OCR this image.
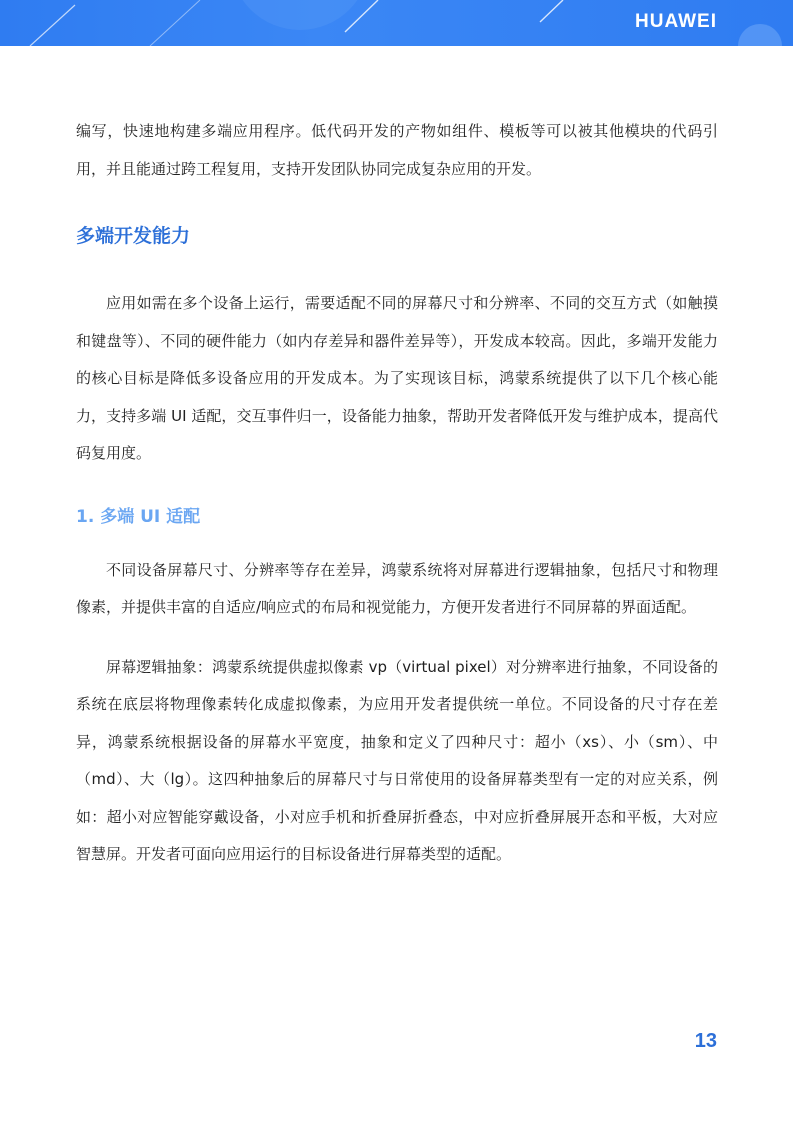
HUAWEI

编写，快速地构建多端应用程序。低代码开发的产物如组件、模板等可以被其他模块的代码引用，并且能通过跨工程复用，支持开发团队协同完成复杂应用的开发。

多端开发能力

应用如需在多个设备上运行，需要适配不同的屏幕尺寸和分辨率、不同的交互方式（如触摸和键盘等）、不同的硬件能力（如内存差异和器件差异等），开发成本较高。因此，多端开发能力的核心目标是降低多设备应用的开发成本。为了实现该目标，鸿蒙系统提供了以下几个核心能力，支持多端 UI 适配，交互事件归一，设备能力抽象，帮助开发者降低开发与维护成本，提高代码复用度。

1. 多端 UI 适配

不同设备屏幕尺寸、分辨率等存在差异，鸿蒙系统将对屏幕进行逻辑抽象，包括尺寸和物理像素，并提供丰富的自适应/响应式的布局和视觉能力，方便开发者进行不同屏幕的界面适配。

屏幕逻辑抽象：鸿蒙系统提供虚拟像素 vp（virtual pixel）对分辨率进行抽象，不同设备的系统在底层将物理像素转化成虚拟像素，为应用开发者提供统一单位。不同设备的尺寸存在差异，鸿蒙系统根据设备的屏幕水平宽度，抽象和定义了四种尺寸：超小（xs）、小（sm）、中（md）、大（lg）。这四种抽象后的屏幕尺寸与日常使用的设备屏幕类型有一定的对应关系，例如：超小对应智能穿戴设备，小对应手机和折叠屏折叠态，中对应折叠屏展开态和平板，大对应智慧屏。开发者可面向应用运行的目标设备进行屏幕类型的适配。

13
